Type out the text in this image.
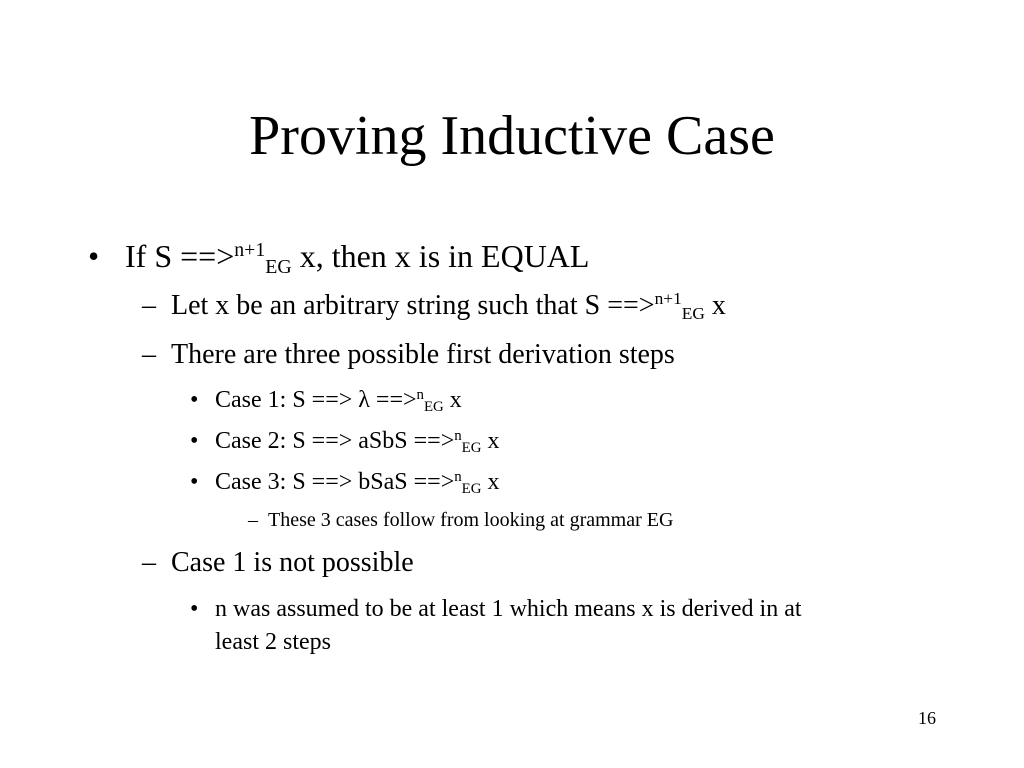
Proving Inductive Case
• If S ==>$^{n+1}_{EG}$ x, then x is in EQUAL
– Let x be an arbitrary string such that S ==>$^{n+1}_{EG}$ x
– There are three possible first derivation steps
• Case 1: S ==> λ ==>$^n_{EG}$ x
• Case 2: S ==> aSbS ==>$^n_{EG}$ x
• Case 3: S ==> bSaS ==>$^n_{EG}$ x
– These 3 cases follow from looking at grammar EG
– Case 1 is not possible
• n was assumed to be at least 1 which means x is derived in at
least 2 steps
16
